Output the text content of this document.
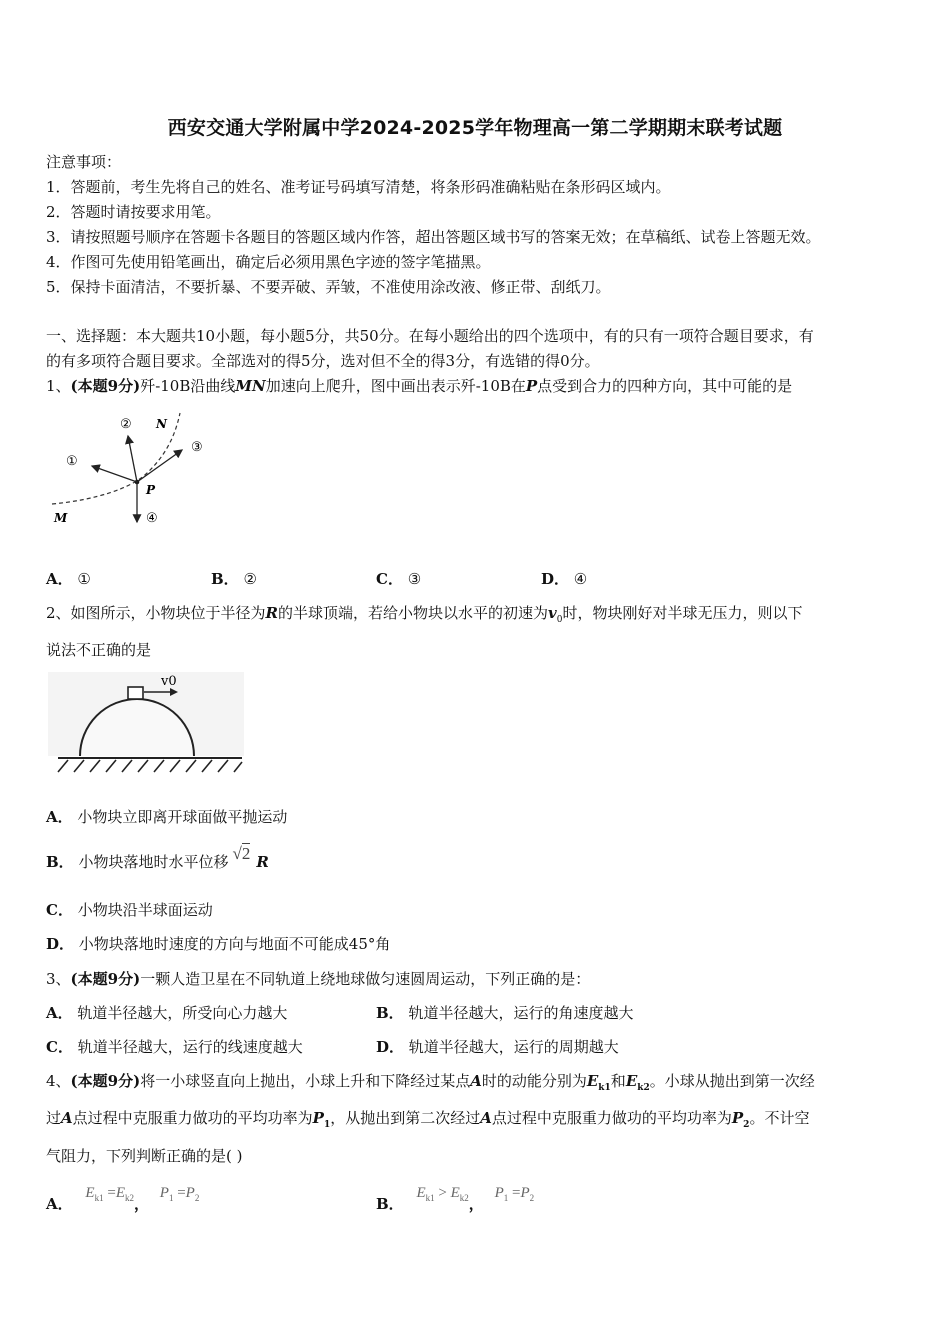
西安交通大学附属中学2024-2025学年物理高一第二学期期末联考试题
注意事项：
1．答题前，考生先将自己的姓名、准考证号码填写清楚，将条形码准确粘贴在条形码区域内。
2．答题时请按要求用笔。
3．请按照题号顺序在答题卡各题目的答题区域内作答，超出答题区域书写的答案无效；在草稿纸、试卷上答题无效。
4．作图可先使用铅笔画出，确定后必须用黑色字迹的签字笔描黑。
5．保持卡面清洁，不要折暴、不要弄破、弄皱，不准使用涂改液、修正带、刮纸刀。
一、选择题：本大题共10小题，每小题5分，共50分。在每小题给出的四个选项中，有的只有一项符合题目要求，有
的有多项符合题目要求。全部选对的得5分，选对但不全的得3分，有选错的得0分。
1、(本题9分)歼-10B沿曲线MN加速向上爬升，图中画出表示歼-10B在P点受到合力的四种方向，其中可能的是
①
②
③
④
P
M
N
A． ①	B． ②	C． ③	D． ④
2、如图所示，小物块位于半径为R的半球顶端，若给小物块以水平的初速为$v_0$时，物块刚好对半球无压力，则以下
说法不正确的是
v0
A． 小物块立即离开球面做平抛运动
B． 小物块落地时水平位移 √2 R
C． 小物块沿半球面运动
D． 小物块落地时速度的方向与地面不可能成45°角
3、(本题9分)一颗人造卫星在不同轨道上绕地球做匀速圆周运动，下列正确的是：
A． 轨道半径越大，所受向心力越大	B． 轨道半径越大，运行的角速度越大
C． 轨道半径越大，运行的线速度越大	D． 轨道半径越大，运行的周期越大
4、(本题9分)将一小球竖直向上抛出，小球上升和下降经过某点A时的动能分别为$E_{k1}$和$E_{k2}$。小球从抛出到第一次经
过A点过程中克服重力做功的平均功率为$P_1$，从抛出到第二次经过A点过程中克服重力做功的平均功率为$P_2$。不计空
气阻力，下列判断正确的是( )
A． $E_{k1} =E_{k2}$， $P_1 =P_2$	B． $E_{k1} > E_{k2}$， $P_1 =P_2$
